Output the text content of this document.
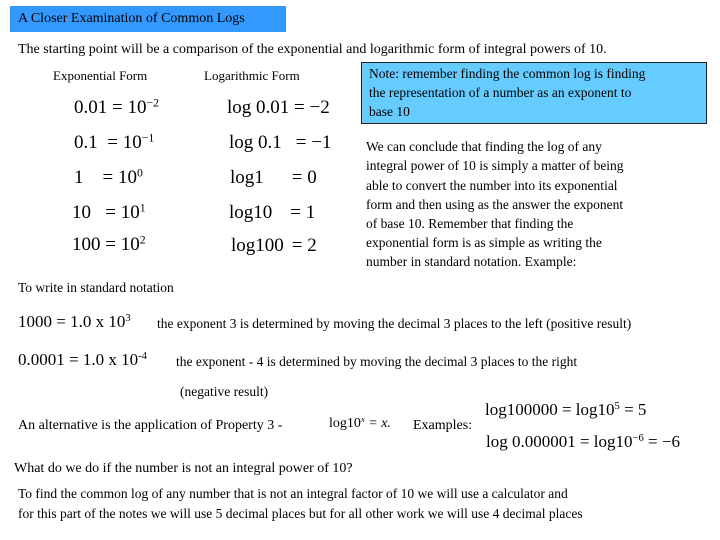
A Closer Examination of Common Logs
The starting point will be a comparison of the exponential and logarithmic form of integral powers of 10.
Exponential Form	Logarithmic Form
$0.01 = 10^{-2}$
$0.1 = 10^{-1}$
1    = $10^0$
$10 = 10^1$
$100 = 10^2$
log 0.01 = −2
log 0.1 = −1
log1 = 0
log10 = 1
log100 = 2
Note: remember finding the common log is finding
the representation of a number as an exponent to
base 10
We can conclude that finding the log of any
integral power of 10 is simply a matter of being
able to convert the number into its exponential
form and then using as the answer the exponent
of base 10. Remember that finding the
exponential form is as simple as writing the
number in standard notation. Example:
To write in standard notation
1000 = 1.0 x $10^3$ the exponent 3 is determined by moving the decimal 3 places to the left (positive result)
0.0001 = 1.0 x $10^{-4}$ the exponent - 4 is determined by moving the decimal 3 places to the right
(negative result)
An alternative is the application of Property 3 -	$\log 10^x = x$. Examples:
$\log 100000 = \log 10^5 = 5$
$\log 0.000001 = \log 10^{-6} = -6$
What do we do if the number is not an integral power of 10?
To find the common log of any number that is not an integral factor of 10 we will use a calculator and
for this part of the notes we will use 5 decimal places but for all other work we will use 4 decimal places
